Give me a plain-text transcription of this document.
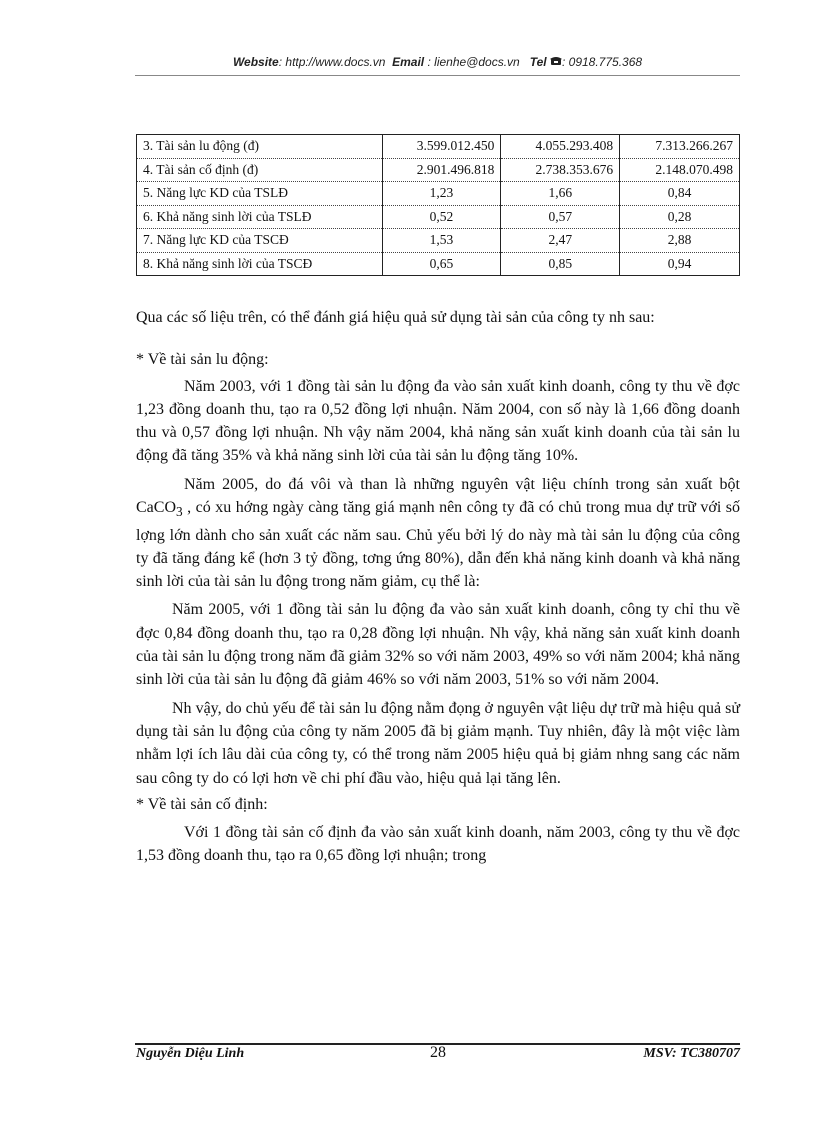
Website: http://www.docs.vn Email : lienhe@docs.vn Tel : 0918.775.368
3. Tài sản lu động (đ)	3.599.012.450	4.055.293.408	7.313.266.267
4. Tài sản cố định (đ)	2.901.496.818	2.738.353.676	2.148.070.498
5. Năng lực KD của TSLĐ	1,23	1,66	0,84
6. Khả năng sinh lời của TSLĐ	0,52	0,57	0,28
7. Năng lực KD của TSCĐ	1,53	2,47	2,88
8. Khả năng sinh lời của TSCĐ	0,65	0,85	0,94

Qua các số liệu trên, có thể đánh giá hiệu quả sử dụng tài sản của công ty nh sau:

* Về tài sản lu động:

Năm 2003, với 1 đồng tài sản lu động đa vào sản xuất kinh doanh, công ty thu về đợc 1,23 đồng doanh thu, tạo ra 0,52 đồng lợi nhuận. Năm 2004, con số này là 1,66 đồng doanh thu và 0,57 đồng lợi nhuận. Nh vậy năm 2004, khả năng sản xuất kinh doanh của tài sản lu động đã tăng 35% và khả năng sinh lời của tài sản lu động tăng 10%.

Năm 2005, do đá vôi và than là những nguyên vật liệu chính trong sản xuất bột CaCO$_3$ , có xu hớng ngày càng tăng giá mạnh nên công ty đã có chủ trong mua dự trữ với số lợng lớn dành cho sản xuất các năm sau. Chủ yếu bởi lý do này mà tài sản lu động của công ty đã tăng đáng kể (hơn 3 tỷ đồng, tơng ứng 80%), dẫn đến khả năng kinh doanh và khả năng sinh lời của tài sản lu động trong năm giảm, cụ thể là:

Năm 2005, với 1 đồng tài sản lu động đa vào sản xuất kinh doanh, công ty chỉ thu về đợc 0,84 đồng doanh thu, tạo ra 0,28 đồng lợi nhuận. Nh vậy, khả năng sản xuất kinh doanh của tài sản lu động trong năm đã giảm 32% so với năm 2003, 49% so với năm 2004; khả năng sinh lời của tài sản lu động đã giảm 46% so với năm 2003, 51% so với năm 2004.

Nh vậy, do chủ yếu để tài sản lu động nằm đọng ở nguyên vật liệu dự trữ mà hiệu quả sử dụng tài sản lu động của công ty năm 2005 đã bị giảm mạnh. Tuy nhiên, đây là một việc làm nhằm lợi ích lâu dài của công ty, có thể trong năm 2005 hiệu quả bị giảm nhng sang các năm sau công ty do có lợi hơn về chi phí đầu vào, hiệu quả lại tăng lên.

* Về tài sản cố định:

Với 1 đồng tài sản cố định đa vào sản xuất kinh doanh, năm 2003, công ty thu về đợc 1,53 đồng doanh thu, tạo ra 0,65 đồng lợi nhuận; trong

Nguyễn Diệu Linh	28	MSV: TC380707
